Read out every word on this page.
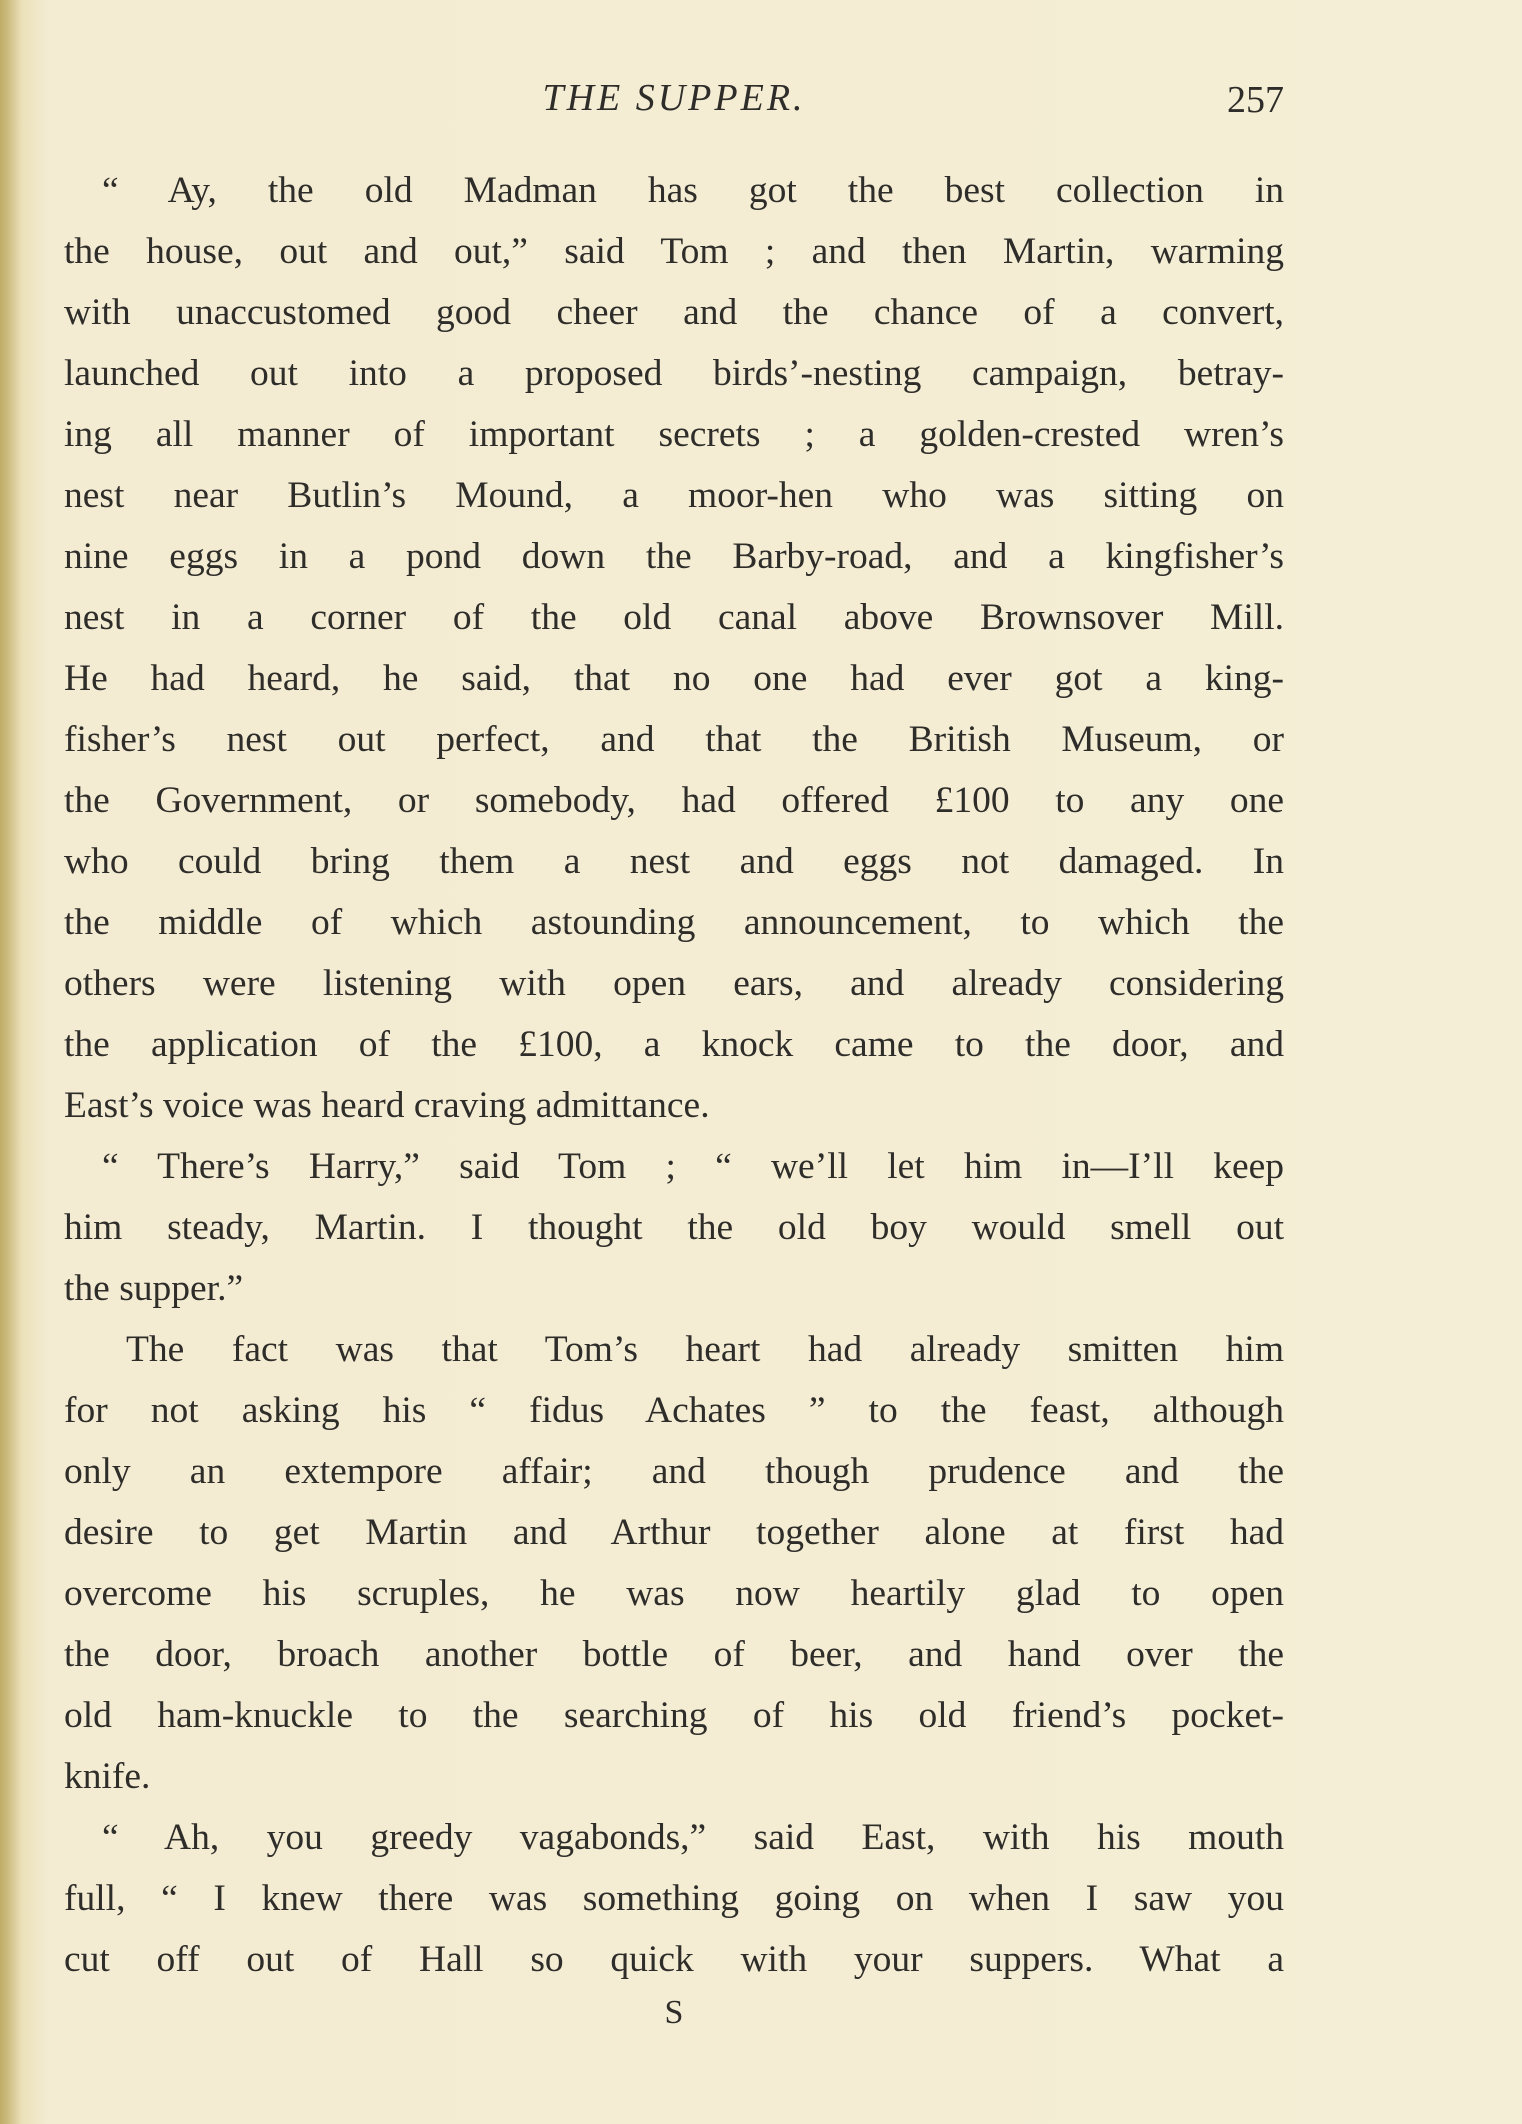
THE SUPPER.	257
“ Ay, the old Madman has got the best collection in
the house, out and out,” said Tom ; and then Martin, warming
with unaccustomed good cheer and the chance of a convert,
launched out into a proposed birds’-nesting campaign, betray-
ing all manner of important secrets ; a golden-crested wren’s
nest near Butlin’s Mound, a moor-hen who was sitting on
nine eggs in a pond down the Barby-road, and a kingfisher’s
nest in a corner of the old canal above Brownsover Mill.
He had heard, he said, that no one had ever got a king-
fisher’s nest out perfect, and that the British Museum, or
the Government, or somebody, had offered £100 to any one
who could bring them a nest and eggs not damaged. In
the middle of which astounding announcement, to which the
others were listening with open ears, and already considering
the application of the £100, a knock came to the door, and
East’s voice was heard craving admittance.
“ There’s Harry,” said Tom ; “ we’ll let him in—I’ll keep
him steady, Martin. I thought the old boy would smell out
the supper.”
The fact was that Tom’s heart had already smitten him
for not asking his “ fidus Achates ” to the feast, although
only an extempore affair; and though prudence and the
desire to get Martin and Arthur together alone at first had
overcome his scruples, he was now heartily glad to open
the door, broach another bottle of beer, and hand over the
old ham-knuckle to the searching of his old friend’s pocket-
knife.
“ Ah, you greedy vagabonds,” said East, with his mouth
full, “ I knew there was something going on when I saw you
cut off out of Hall so quick with your suppers. What a
S
